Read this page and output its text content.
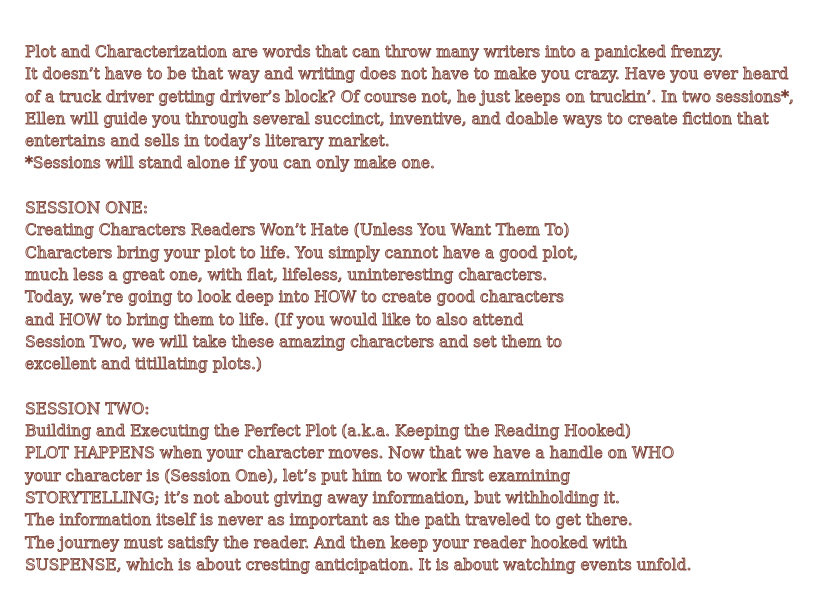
Plot and Characterization are words that can throw many writers into a panicked frenzy.
It doesn’t have to be that way and writing does not have to make you crazy. Have you ever heard
of a truck driver getting driver’s block? Of course not, he just keeps on truckin’. In two sessions*,
Ellen will guide you through several succinct, inventive, and doable ways to create fiction that
entertains and sells in today’s literary market.
*Sessions will stand alone if you can only make one.
SESSION ONE:
Creating Characters Readers Won’t Hate (Unless You Want Them To)
Characters bring your plot to life. You simply cannot have a good plot,
much less a great one, with flat, lifeless, uninteresting characters.
Today, we’re going to look deep into HOW to create good characters
and HOW to bring them to life. (If you would like to also attend
Session Two, we will take these amazing characters and set them to
excellent and titillating plots.)
SESSION TWO:
Building and Executing the Perfect Plot (a.k.a. Keeping the Reading Hooked)
PLOT HAPPENS when your character moves. Now that we have a handle on WHO
your character is (Session One), let’s put him to work first examining
STORYTELLING; it’s not about giving away information, but withholding it.
The information itself is never as important as the path traveled to get there.
The journey must satisfy the reader. And then keep your reader hooked with
SUSPENSE, which is about cresting anticipation. It is about watching events unfold.
